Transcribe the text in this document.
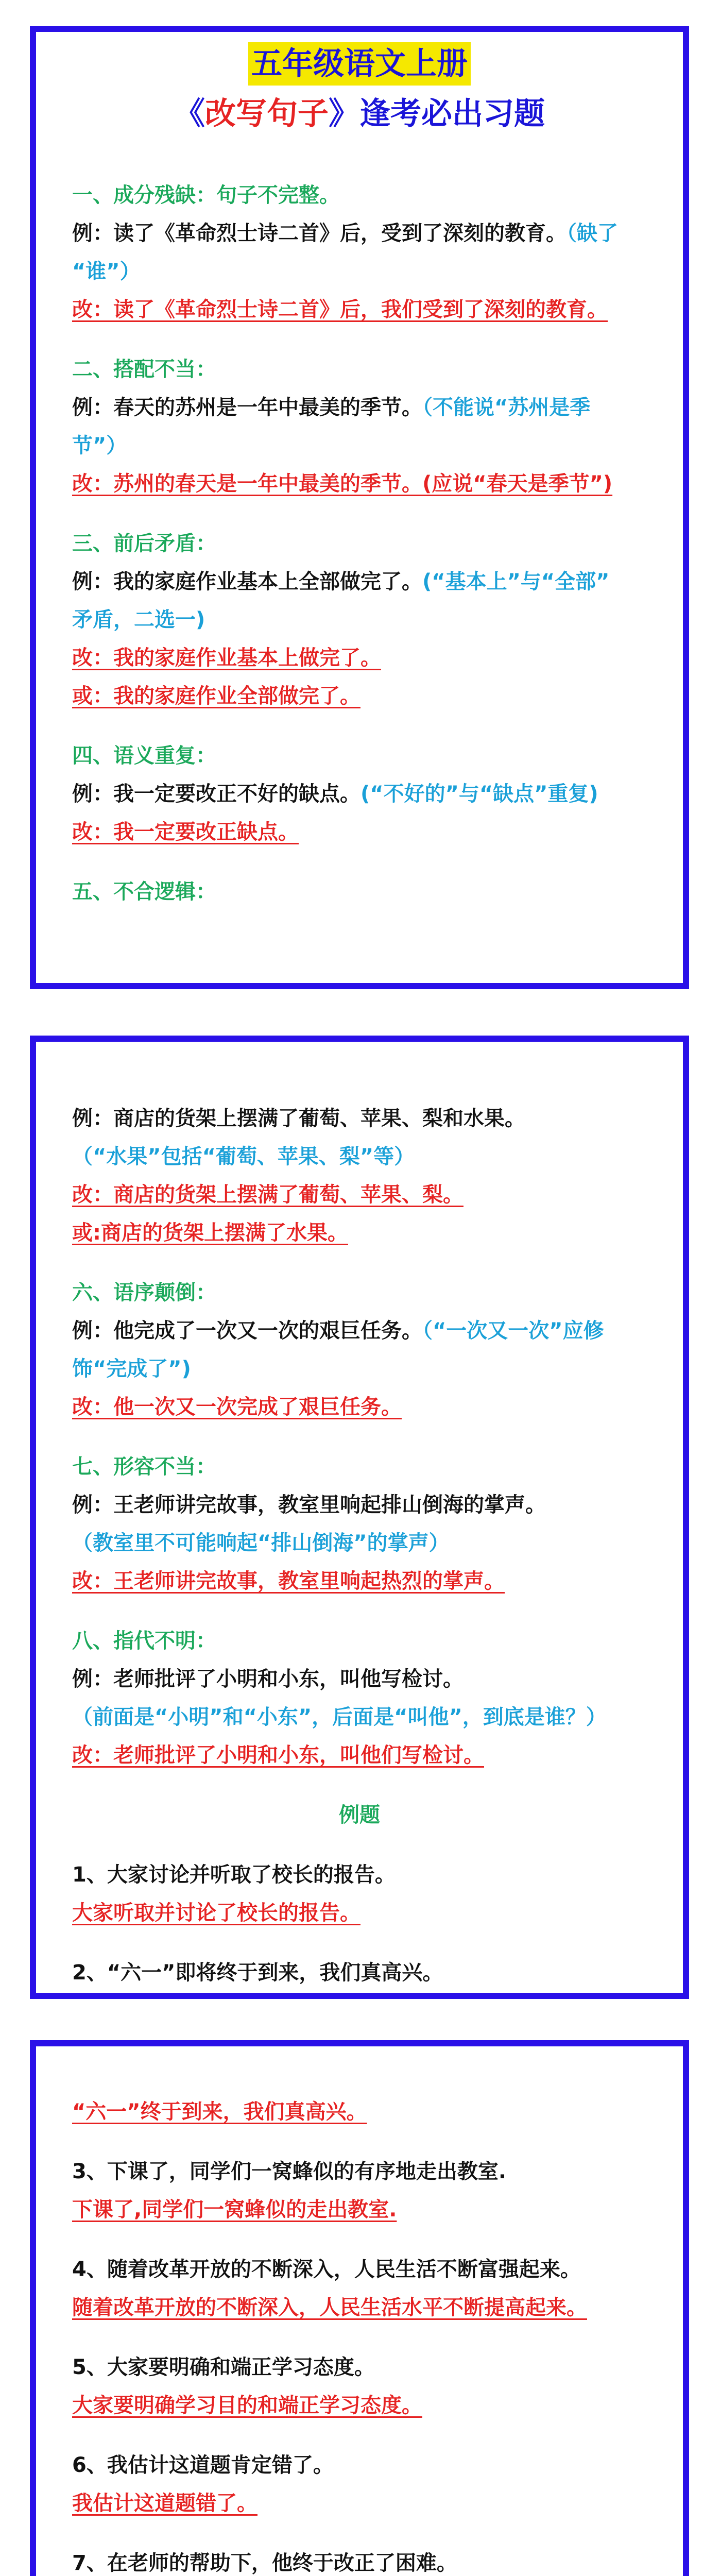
五年级语文上册
《改写句子》逢考必出习题
一、成分残缺：句子不完整。
例：读了《革命烈士诗二首》后，受到了深刻的教育。（缺了
“谁”）
改：读了《革命烈士诗二首》后，我们受到了深刻的教育。
二、搭配不当：
例：春天的苏州是一年中最美的季节。（不能说“苏州是季
节”）
改：苏州的春天是一年中最美的季节。(应说“春天是季节”)
三、前后矛盾：
例：我的家庭作业基本上全部做完了。(“基本上”与“全部”
矛盾，二选一)
改：我的家庭作业基本上做完了。
或：我的家庭作业全部做完了。
四、语义重复：
例：我一定要改正不好的缺点。(“不好的”与“缺点”重复)
改：我一定要改正缺点。
五、不合逻辑：
例：商店的货架上摆满了葡萄、苹果、梨和水果。
（“水果”包括“葡萄、苹果、梨”等）
改：商店的货架上摆满了葡萄、苹果、梨。
或:商店的货架上摆满了水果。
六、语序颠倒：
例：他完成了一次又一次的艰巨任务。（“一次又一次”应修
饰“完成了”)
改：他一次又一次完成了艰巨任务。
七、形容不当：
例：王老师讲完故事，教室里响起排山倒海的掌声。
（教室里不可能响起“排山倒海”的掌声）
改：王老师讲完故事，教室里响起热烈的掌声。
八、指代不明：
例：老师批评了小明和小东，叫他写检讨。
（前面是“小明”和“小东”，后面是“叫他”，到底是谁？）
改：老师批评了小明和小东，叫他们写检讨。
例题
1、大家讨论并听取了校长的报告。
大家听取并讨论了校长的报告。
2、“六一”即将终于到来，我们真高兴。
“六一”终于到来，我们真高兴。
3、下课了，同学们一窝蜂似的有序地走出教室.
下课了,同学们一窝蜂似的走出教室.
4、随着改革开放的不断深入，人民生活不断富强起来。
随着改革开放的不断深入，人民生活水平不断提高起来。
5、大家要明确和端正学习态度。
大家要明确学习目的和端正学习态度。
6、我估计这道题肯定错了。
我估计这道题错了。
7、在老师的帮助下，他终于改正了困难。
